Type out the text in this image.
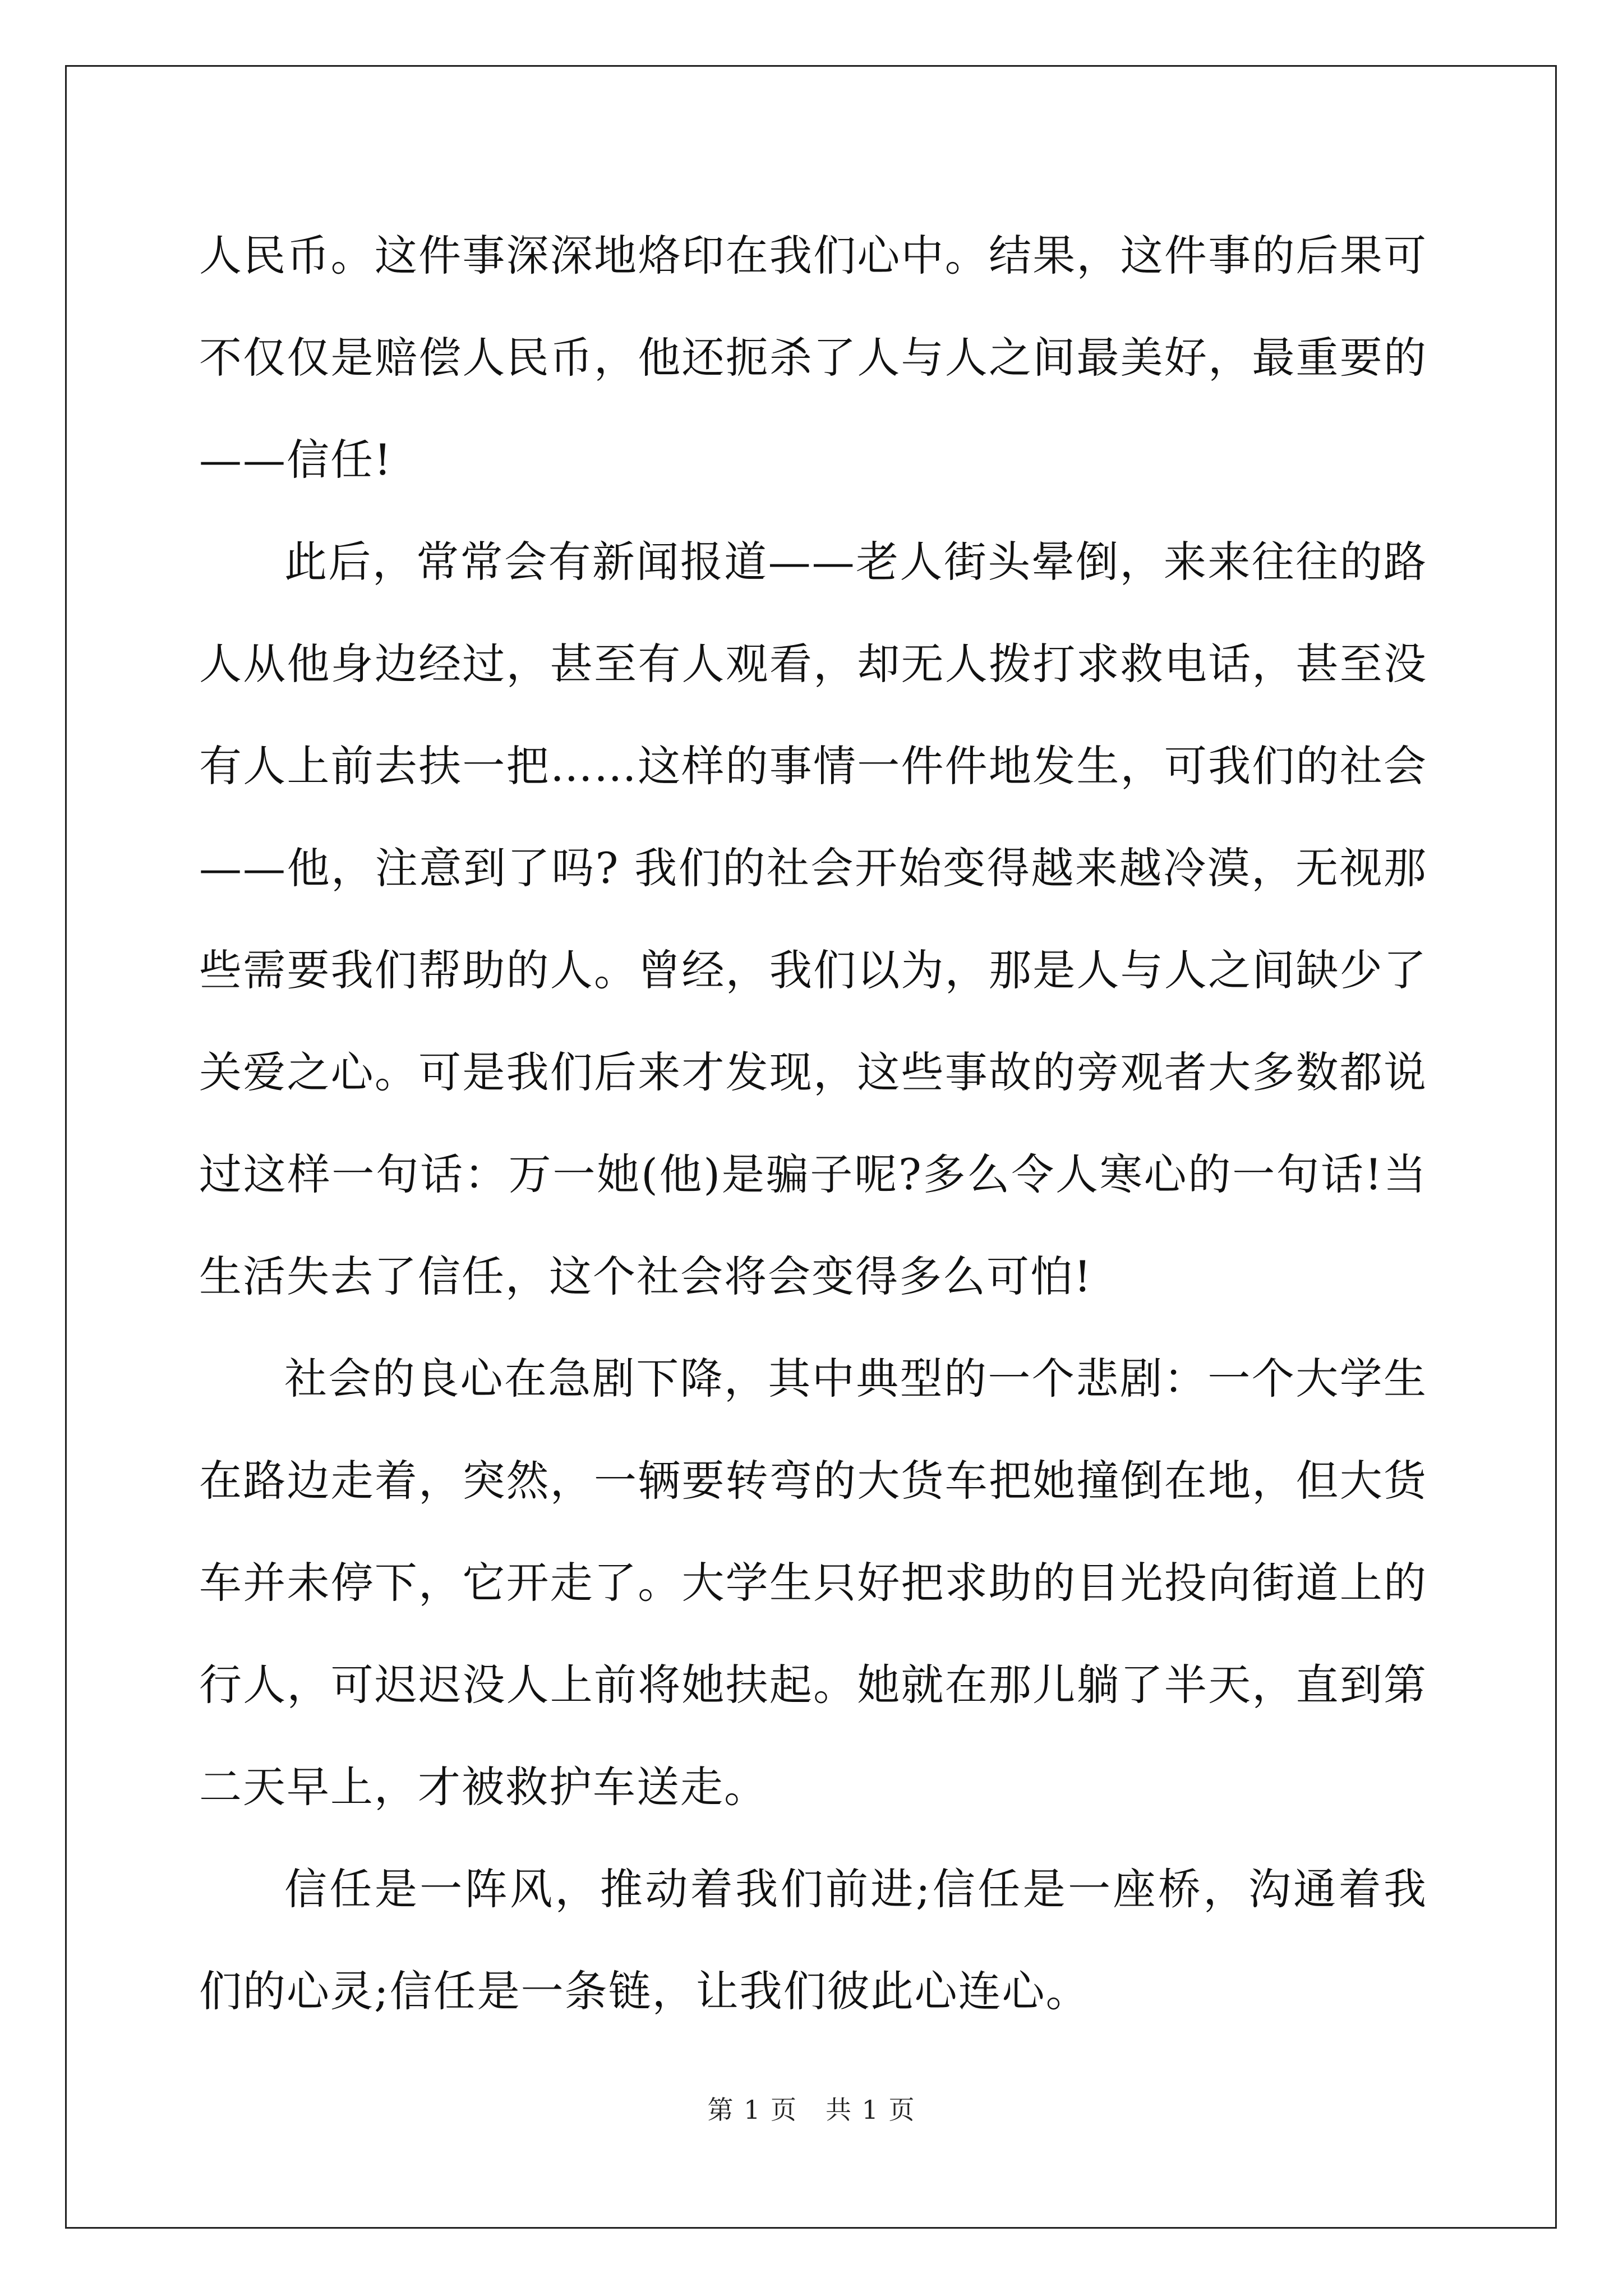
人民币。这件事深深地烙印在我们心中。结果，这件事的后果可不仅仅是赔偿人民币，他还扼杀了人与人之间最美好，最重要的——信任!

此后，常常会有新闻报道——老人街头晕倒，来来往往的路人从他身边经过，甚至有人观看，却无人拨打求救电话，甚至没有人上前去扶一把……这样的事情一件件地发生，可我们的社会——他，注意到了吗? 我们的社会开始变得越来越冷漠，无视那些需要我们帮助的人。曾经，我们以为，那是人与人之间缺少了关爱之心。可是我们后来才发现，这些事故的旁观者大多数都说过这样一句话：万一她(他)是骗子呢?多么令人寒心的一句话!当生活失去了信任，这个社会将会变得多么可怕!

社会的良心在急剧下降，其中典型的一个悲剧：一个大学生在路边走着，突然，一辆要转弯的大货车把她撞倒在地，但大货车并未停下，它开走了。大学生只好把求助的目光投向街道上的行人，可迟迟没人上前将她扶起。她就在那儿躺了半天，直到第二天早上，才被救护车送走。

信任是一阵风，推动着我们前进;信任是一座桥，沟通着我们的心灵;信任是一条链，让我们彼此心连心。

第 1 页 共 1 页
